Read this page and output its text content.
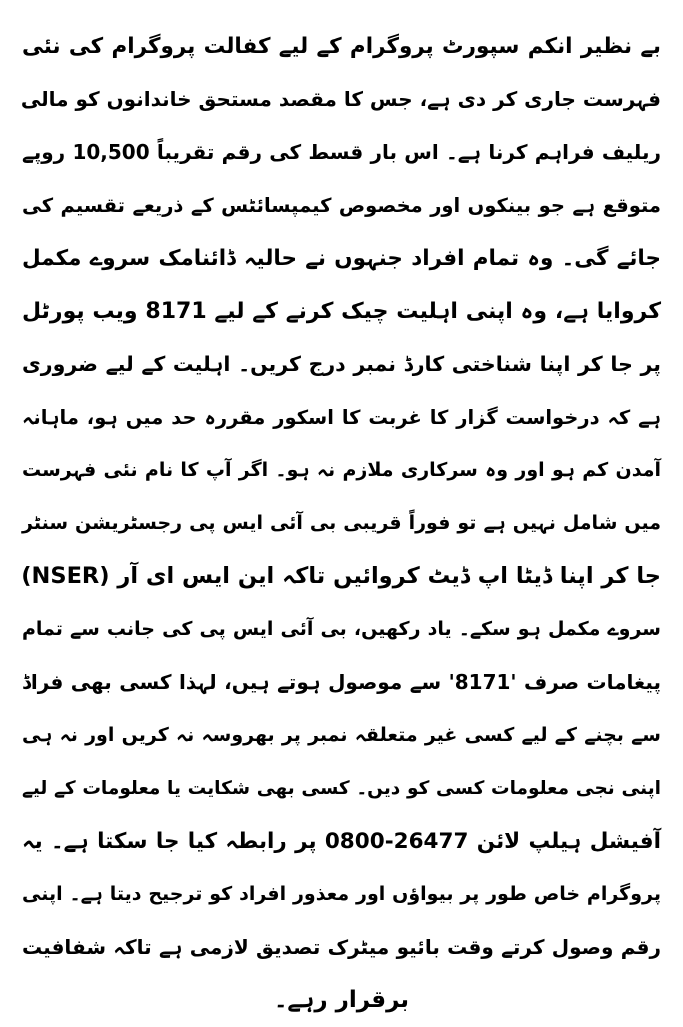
بے نظیر انکم سپورٹ پروگرام کے لیے کفالت پروگرام کی نئی
فہرست جاری کر دی ہے، جس کا مقصد مستحق خاندانوں کو مالی
ریلیف فراہم کرنا ہے۔ اس بار قسط کی رقم تقریباً 10,500 روپے
متوقع ہے جو بینکوں اور مخصوص کیمپسائٹس کے ذریعے تقسیم کی
جائے گی۔ وہ تمام افراد جنہوں نے حالیہ ڈائنامک سروے مکمل
کروایا ہے، وہ اپنی اہلیت چیک کرنے کے لیے 8171 ویب پورٹل
پر جا کر اپنا شناختی کارڈ نمبر درج کریں۔ اہلیت کے لیے ضروری
ہے کہ درخواست گزار کا غربت کا اسکور مقررہ حد میں ہو، ماہانہ
آمدن کم ہو اور وہ سرکاری ملازم نہ ہو۔ اگر آپ کا نام نئی فہرست
میں شامل نہیں ہے تو فوراً قریبی بی آئی ایس پی رجسٹریشن سنٹر
جا کر اپنا ڈیٹا اپ ڈیٹ کروائیں تاکہ این ایس ای آر (NSER)
سروے مکمل ہو سکے۔ یاد رکھیں، بی آئی ایس پی کی جانب سے تمام
پیغامات صرف '8171' سے موصول ہوتے ہیں، لہذا کسی بھی فراڈ
سے بچنے کے لیے کسی غیر متعلقہ نمبر پر بھروسہ نہ کریں اور نہ ہی
اپنی نجی معلومات کسی کو دیں۔ کسی بھی شکایت یا معلومات کے لیے
آفیشل ہیلپ لائن 26477-0800 پر رابطہ کیا جا سکتا ہے۔ یہ
پروگرام خاص طور پر بیواؤں اور معذور افراد کو ترجیح دیتا ہے۔ اپنی
رقم وصول کرتے وقت بائیو میٹرک تصدیق لازمی ہے تاکہ شفافیت
برقرار رہے۔
